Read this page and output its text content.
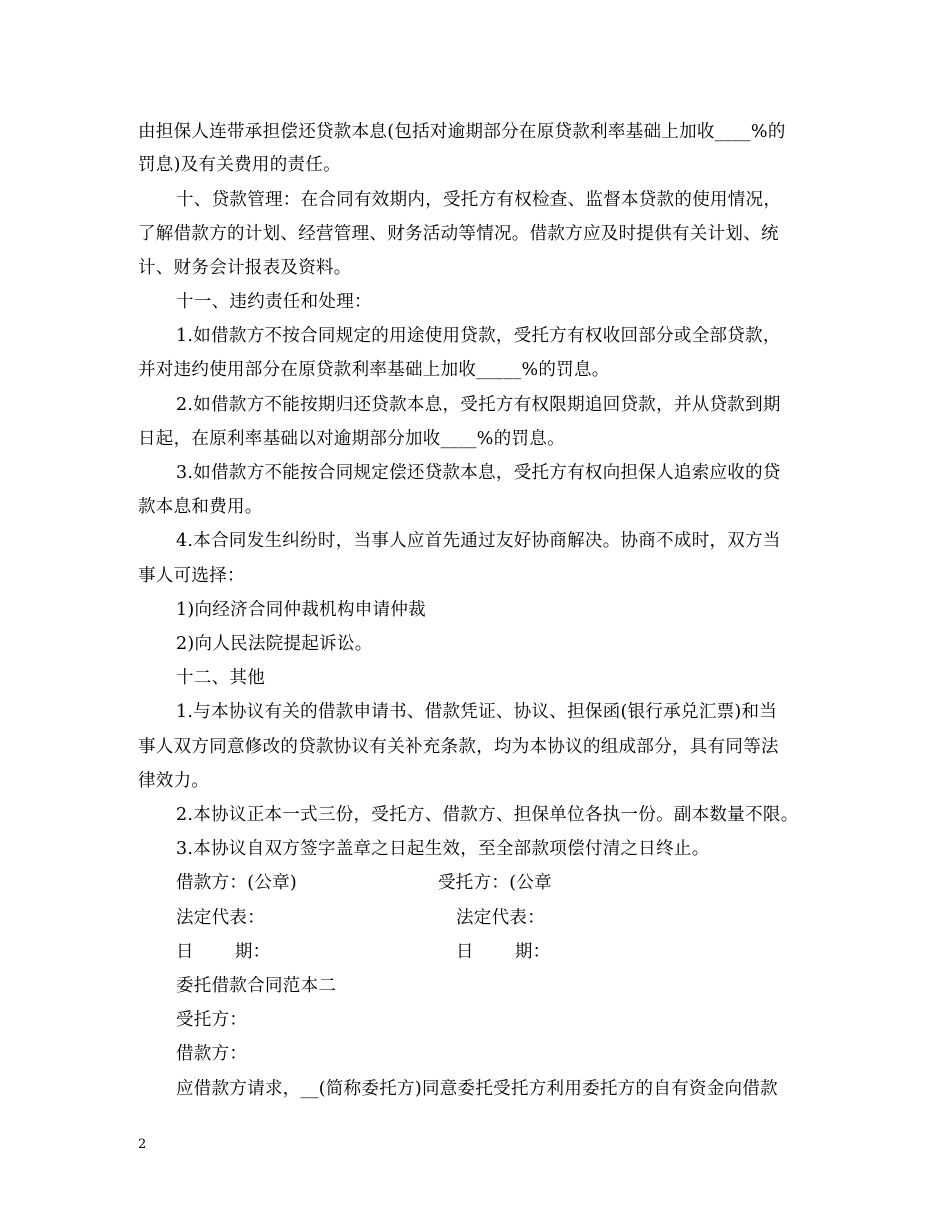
由担保人连带承担偿还贷款本息(包括对逾期部分在原贷款利率基础上加收____%的
罚息)及有关费用的责任。
十、贷款管理：在合同有效期内，受托方有权检查、监督本贷款的使用情况，
了解借款方的计划、经营管理、财务活动等情况。借款方应及时提供有关计划、统
计、财务会计报表及资料。
十一、违约责任和处理：
1.如借款方不按合同规定的用途使用贷款，受托方有权收回部分或全部贷款，
并对违约使用部分在原贷款利率基础上加收_____%的罚息。
2.如借款方不能按期归还贷款本息，受托方有权限期追回贷款，并从贷款到期
日起，在原利率基础以对逾期部分加收____%的罚息。
3.如借款方不能按合同规定偿还贷款本息，受托方有权向担保人追索应收的贷
款本息和费用。
4.本合同发生纠纷时，当事人应首先通过友好协商解决。协商不成时，双方当
事人可选择：
1)向经济合同仲裁机构申请仲裁
2)向人民法院提起诉讼。
十二、其他
1.与本协议有关的借款申请书、借款凭证、协议、担保函(银行承兑汇票)和当
事人双方同意修改的贷款协议有关补充条款，均为本协议的组成部分，具有同等法
律效力。
2.本协议正本一式三份，受托方、借款方、担保单位各执一份。副本数量不限。
3.本协议自双方签字盖章之日起生效，至全部款项偿付清之日终止。
借款方：(公章)	受托方：(公章
法定代表：	法定代表：
日       期：	日       期：
委托借款合同范本二
受托方：
借款方：
应借款方请求，__(简称委托方)同意委托受托方利用委托方的自有资金向借款
2
